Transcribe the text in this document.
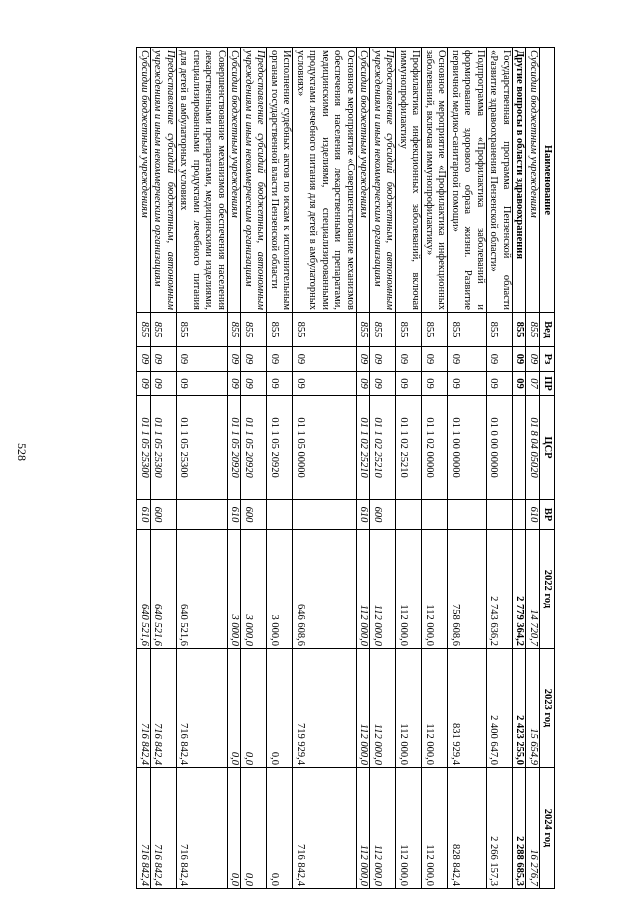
528
Наименование	Вед	Рз	ПР	ЦСР	ВР	2022 год	2023 год	2024 год
Субсидии бюджетным учреждениям	855	09	07	01 8 04 05020	610	14 720,7	15 654,9	16 276,7
Другие вопросы в области здравоохранения	855	09	09			2 779 364,2	2 423 255,0	2 288 685,3
Государственная программа Пензенской области «Развитие здравоохранения Пензенской области»	855	09	09	01 0 00 00000		2 743 636,2	2 400 647,0	2 266 157,3
Подпрограмма «Профилактика заболеваний и формирование здорового образа жизни. Развитие первичной медико-санитарной помощи»	855	09	09	01 1 00 00000		758 608,6	831 929,4	828 842,4
Основное мероприятие «Профилактика инфекционных заболеваний, включая иммунопрофилактику»	855	09	09	01 1 02 00000		112 000,0	112 000,0	112 000,0
Профилактика инфекционных заболеваний, включая иммунопрофилактику	855	09	09	01 1 02 25210		112 000,0	112 000,0	112 000,0
Предоставление субсидий бюджетным, автономным учреждениям и иным некоммерческим организациям	855	09	09	01 1 02 25210	600	112 000,0	112 000,0	112 000,0
Субсидии бюджетным учреждениям	855	09	09	01 1 02 25210	610	112 000,0	112 000,0	112 000,0
Основное мероприятие «Совершенствование механизмов обеспечения населения лекарственными препаратами, медицинскими изделиями, специализированными продуктами лечебного питания для детей в амбулаторных условиях»	855	09	09	01 1 05 00000		646 608,6	719 929,4	716 842,4
Исполнение судебных актов по искам к исполнительным органам государственной власти Пензенской области	855	09	09	01 1 05 20920		3 000,0	0,0	0,0
Предоставление субсидий бюджетным, автономным учреждениям и иным некоммерческим организациям	855	09	09	01 1 05 20920	600	3 000,0	0,0	0,0
Субсидии бюджетным учреждениям	855	09	09	01 1 05 20920	610	3 000,0	0,0	0,0
Совершенствование механизмов обеспечения населения лекарственными препаратами, медицинскими изделиями, специализированными продуктами лечебного питания для детей в амбулаторных условиях	855	09	09	01 1 05 25300		640 521,6	716 842,4	716 842,4
Предоставление субсидий бюджетным, автономным учреждениям и иным некоммерческим организациям	855	09	09	01 1 05 25300	600	640 521,6	716 842,4	716 842,4
Субсидии бюджетным учреждениям	855	09	09	01 1 05 25300	610	640 521,6	716 842,4	716 842,4
